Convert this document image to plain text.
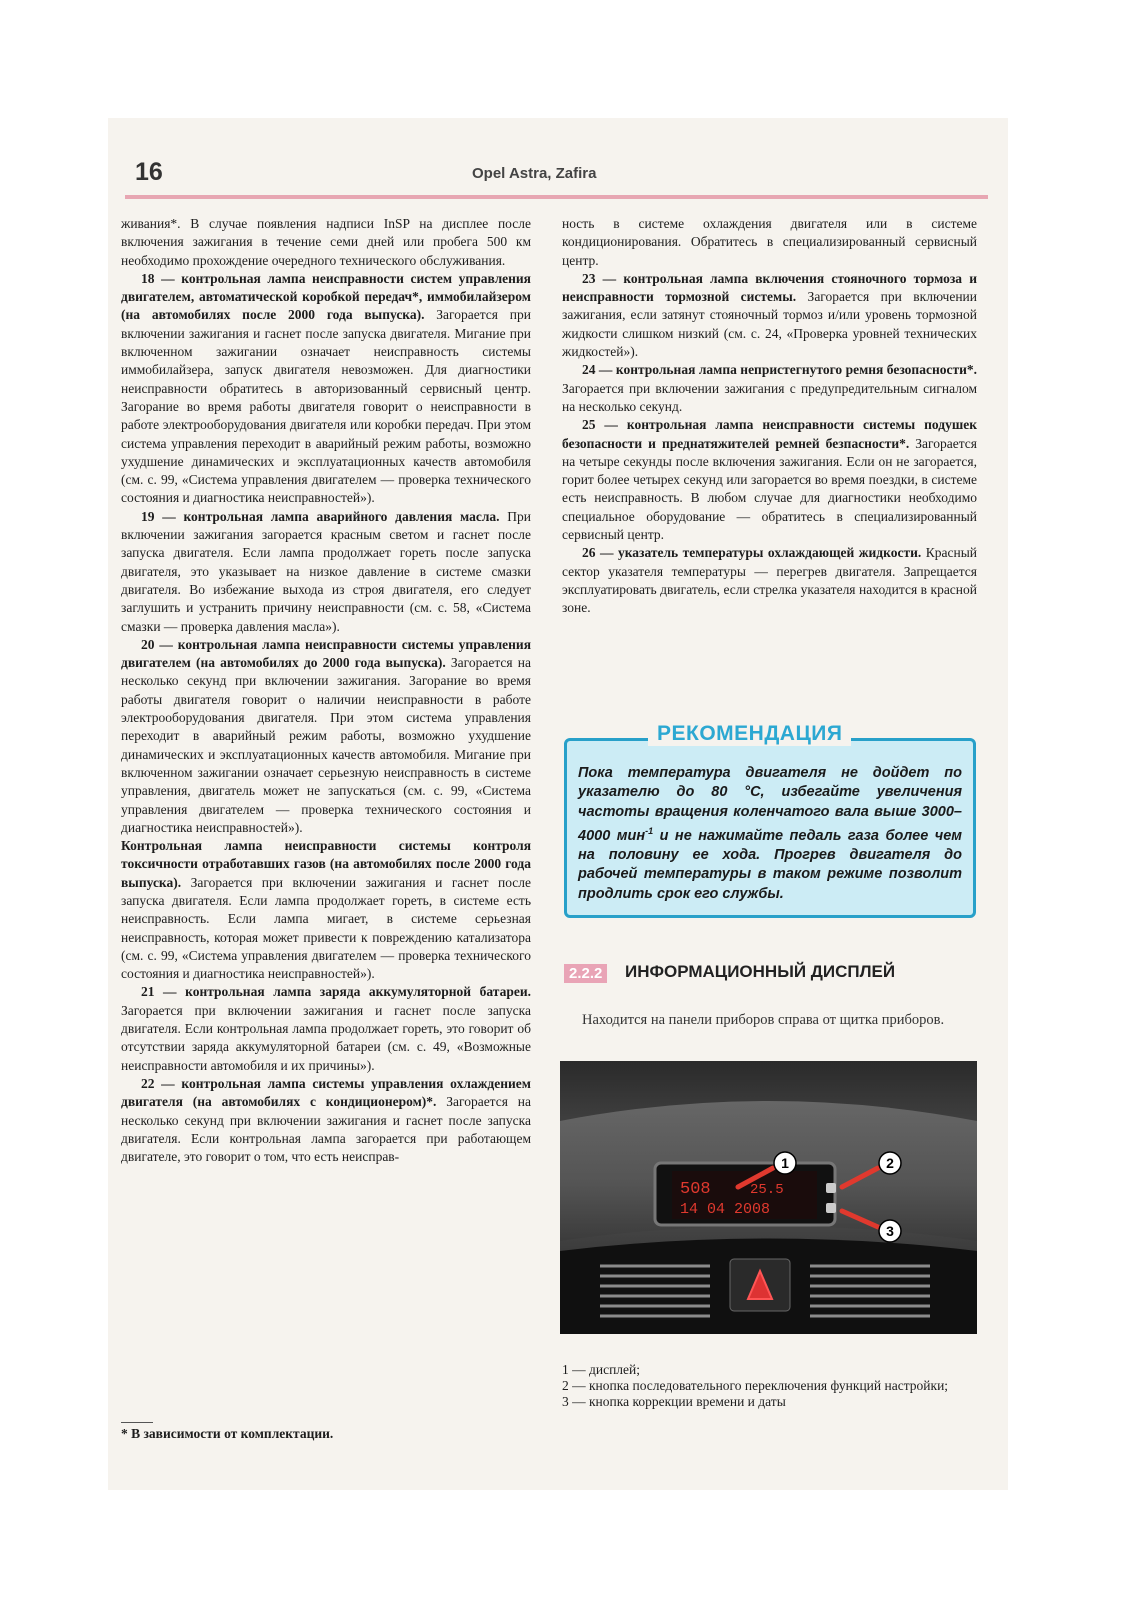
16	Opel Astra, Zafira

живания*. В случае появления надписи InSP на дисплее после включения зажигания в течение семи дней или пробега 500 км необходимо прохождение очередного технического обслуживания.

18 — контрольная лампа неисправности систем управления двигателем, автоматической коробкой передач*, иммобилайзером (на автомобилях после 2000 года выпуска). Загорается при включении зажигания и гаснет после запуска двигателя. Мигание при включенном зажигании означает неисправность системы иммобилайзера, запуск двигателя невозможен. Для диагностики неисправности обратитесь в авторизованный сервисный центр. Загорание во время работы двигателя говорит о неисправности в работе электрооборудования двигателя или коробки передач. При этом система управления переходит в аварийный режим работы, возможно ухудшение динамических и эксплуатационных качеств автомобиля (см. с. 99, «Система управления двигателем — проверка технического состояния и диагностика неисправностей»).

19 — контрольная лампа аварийного давления масла. При включении зажигания загорается красным светом и гаснет после запуска двигателя. Если лампа продолжает гореть после запуска двигателя, это указывает на низкое давление в системе смазки двигателя. Во избежание выхода из строя двигателя, его следует заглушить и устранить причину неисправности (см. с. 58, «Система смазки — проверка давления масла»).

20 — контрольная лампа неисправности системы управления двигателем (на автомобилях до 2000 года выпуска). Загорается на несколько секунд при включении зажигания. Загорание во время работы двигателя говорит о наличии неисправности в работе электрооборудования двигателя. При этом система управления переходит в аварийный режим работы, возможно ухудшение динамических и эксплуатационных качеств автомобиля. Мигание при включенном зажигании означает серьезную неисправность в системе управления, двигатель может не запускаться (см. с. 99, «Система управления двигателем — проверка технического состояния и диагностика неисправностей»).

Контрольная лампа неисправности системы контроля токсичности отработавших газов (на автомобилях после 2000 года выпуска). Загорается при включении зажигания и гаснет после запуска двигателя. Если лампа продолжает гореть, в системе есть неисправность. Если лампа мигает, в системе серьезная неисправность, которая может привести к повреждению катализатора (см. с. 99, «Система управления двигателем — проверка технического состояния и диагностика неисправностей»).

21 — контрольная лампа заряда аккумуляторной батареи. Загорается при включении зажигания и гаснет после запуска двигателя. Если контрольная лампа продолжает гореть, это говорит об отсутствии заряда аккумуляторной батареи (см. с. 49, «Возможные неисправности автомобиля и их причины»).

22 — контрольная лампа системы управления охлаждением двигателя (на автомобилях с кондиционером)*. Загорается на несколько секунд при включении зажигания и гаснет после запуска двигателя. Если контрольная лампа загорается при работающем двигателе, это говорит о том, что есть неисправ-

* В зависимости от комплектации.

ность в системе охлаждения двигателя или в системе кондиционирования. Обратитесь в специализированный сервисный центр.

23 — контрольная лампа включения стояночного тормоза и неисправности тормозной системы. Загорается при включении зажигания, если затянут стояночный тормоз и/или уровень тормозной жидкости слишком низкий (см. с. 24, «Проверка уровней технических жидкостей»).

24 — контрольная лампа непристегнутого ремня безопасности*. Загорается при включении зажигания с предупредительным сигналом на несколько секунд.

25 — контрольная лампа неисправности системы подушек безопасности и преднатяжителей ремней безпасности*. Загорается на четыре секунды после включения зажигания. Если он не загорается, горит более четырех секунд или загорается во время поездки, в системе есть неисправность. В любом случае для диагностики необходимо специальное оборудование — обратитесь в специализированный сервисный центр.

26 — указатель температуры охлаждающей жидкости. Красный сектор указателя температуры — перегрев двигателя. Запрещается эксплуатировать двигатель, если стрелка указателя находится в красной зоне.

РЕКОМЕНДАЦИЯ
Пока температура двигателя не дойдет по указателю до 80 °С, избегайте увеличения частоты вращения коленчатого вала выше 3000–4000 мин$^{-1}$ и не нажимайте педаль газа более чем на половину ее хода. Прогрев двигателя до рабочей температуры в таком режиме позволит продлить срок его службы.
2.2.2 ИНФОРМАЦИОННЫЙ ДИСПЛЕЙ
Находится на панели приборов справа от щитка приборов.
508	25.5
14 04 2008
1	2
3

1 — дисплей;

2 — кнопка последовательного переключения функций настройки;

3 — кнопка коррекции времени и даты
